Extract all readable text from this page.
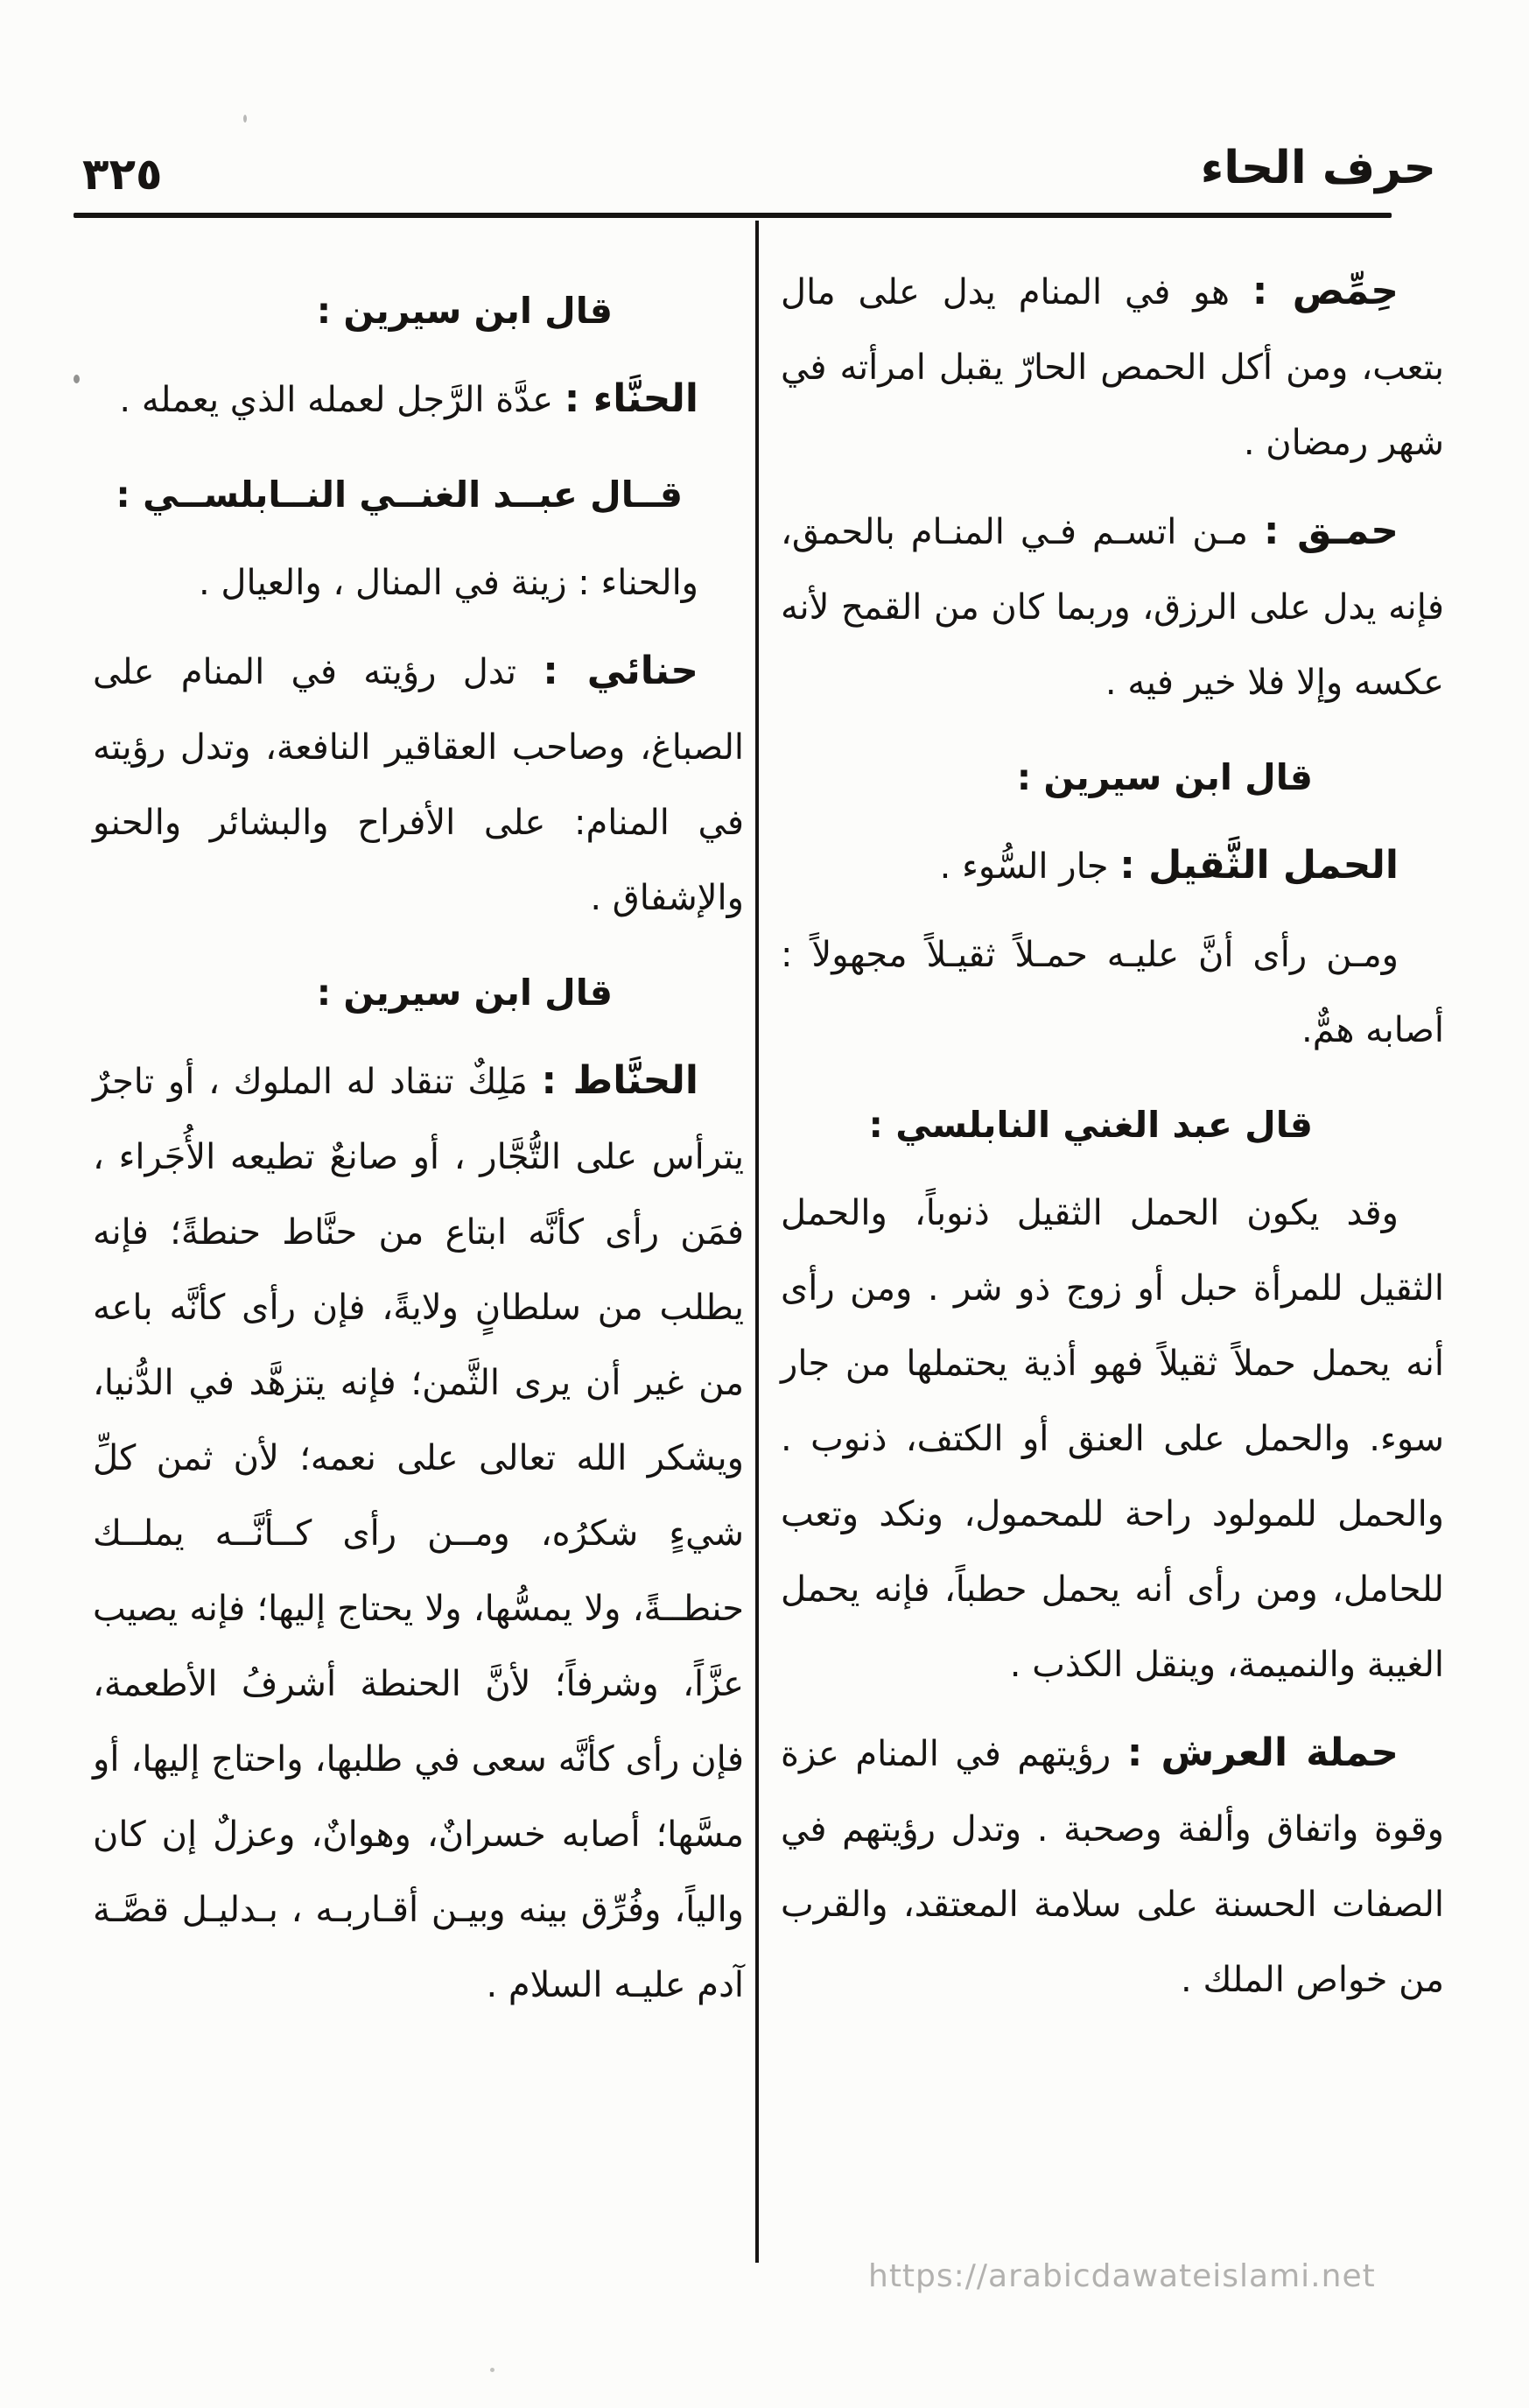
حرف الحاء
٣٢٥

حِمِّص : هو في المنام يدل على مال بتعب، ومن أكل الحمص الحارّ يقبل امرأته في شهر رمضان .

حمـق : مـن اتسـم فـي المنـام بالحمق، فإنه يدل على الرزق، وربما كان من القمح لأنه عكسه وإلا فلا خير فيه .

قال ابن سيرين :

الحمل الثَّقيل : جار السُّوء .

ومـن رأى أنَّ عليـه حمـلاً ثقيـلاً مجهولاً : أصابه همٌّ.

قال عبد الغني النابلسي :

وقد يكون الحمل الثقيل ذنوباً، والحمل الثقيل للمرأة حبل أو زوج ذو شر . ومن رأى أنه يحمل حملاً ثقيلاً فهو أذية يحتملها من جار سوء. والحمل على العنق أو الكتف، ذنوب . والحمل للمولود راحة للمحمول، ونكد وتعب للحامل، ومن رأى أنه يحمل حطباً، فإنه يحمل الغيبة والنميمة، وينقل الكذب .

حملة العرش : رؤيتهم في المنام عزة وقوة واتفاق وألفة وصحبة . وتدل رؤيتهم في الصفات الحسنة على سلامة المعتقد، والقرب من خواص الملك .

قال ابن سيرين :

الحنَّاء : عدَّة الرَّجل لعمله الذي يعمله .

قــال عبــد الغنــي النــابلســي :

والحناء : زينة في المنال ، والعيال .

حنائي : تدل رؤيته في المنام على الصباغ، وصاحب العقاقير النافعة، وتدل رؤيته في المنام: على الأفراح والبشائر والحنو والإشفاق .

قال ابن سيرين :

الحنَّاط : مَلِكٌ تنقاد له الملوك ، أو تاجرٌ يترأس على التُّجَّار ، أو صانعٌ تطيعه الأُجَراء ، فمَن رأى كأنَّه ابتاع من حنَّاط حنطةً؛ فإنه يطلب من سلطانٍ ولايةً، فإن رأى كأنَّه باعه من غير أن يرى الثَّمن؛ فإنه يتزهَّد في الدُّنيا، ويشكر الله تعالى على نعمه؛ لأن ثمن كلِّ شيءٍ شكرُه، ومــن رأى كــأنَّــه يملــك حنطــةً، ولا يمسُّها، ولا يحتاج إليها؛ فإنه يصيب عزَّاً، وشرفاً؛ لأنَّ الحنطة أشرفُ الأطعمة، فإن رأى كأنَّه سعى في طلبها، واحتاج إليها، أو مسَّها؛ أصابه خسرانٌ، وهوانٌ، وعزلٌ إن كان والياً، وفُرِّق بينه وبيـن أقـاربـه ، بـدليـل قصَّـة آدم عليـه السلام .

https://arabicdawateislami.net
